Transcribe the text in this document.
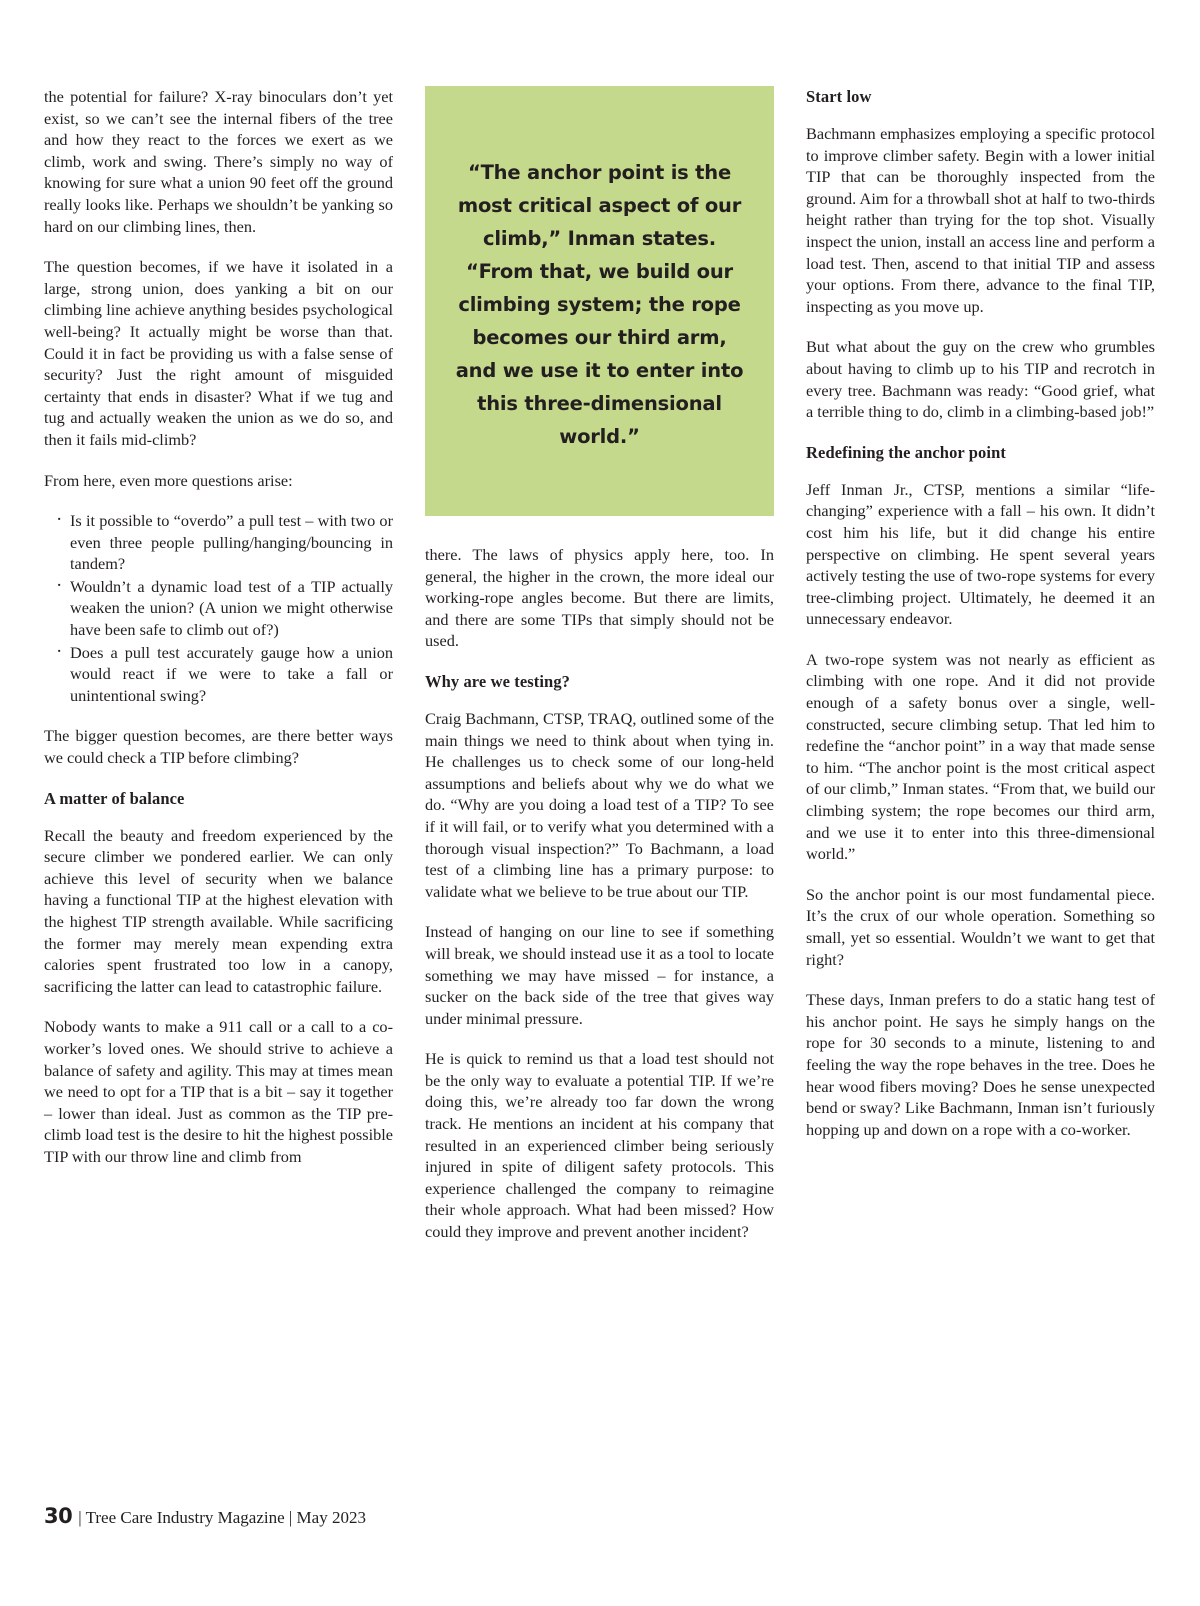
the potential for failure? X-ray binoculars don’t yet exist, so we can’t see the internal fibers of the tree and how they react to the forces we exert as we climb, work and swing. There’s simply no way of knowing for sure what a union 90 feet off the ground really looks like. Perhaps we shouldn’t be yanking so hard on our climbing lines, then.

The question becomes, if we have it isolated in a large, strong union, does yanking a bit on our climbing line achieve anything besides psychological well-being? It actually might be worse than that. Could it in fact be providing us with a false sense of security? Just the right amount of misguided certainty that ends in disaster? What if we tug and tug and actually weaken the union as we do so, and then it fails mid-climb?

From here, even more questions arise:

· Is it possible to “overdo” a pull test – with two or even three people pulling/hanging/bouncing in tandem?
· Wouldn’t a dynamic load test of a TIP actually weaken the union? (A union we might otherwise have been safe to climb out of?)
· Does a pull test accurately gauge how a union would react if we were to take a fall or unintentional swing?

The bigger question becomes, are there better ways we could check a TIP before climbing?

A matter of balance

Recall the beauty and freedom experienced by the secure climber we pondered earlier. We can only achieve this level of security when we balance having a functional TIP at the highest elevation with the highest TIP strength available. While sacrificing the former may merely mean expending extra calories spent frustrated too low in a canopy, sacrificing the latter can lead to catastrophic failure.

Nobody wants to make a 911 call or a call to a co-worker’s loved ones. We should strive to achieve a balance of safety and agility. This may at times mean we need to opt for a TIP that is a bit – say it together – lower than ideal. Just as common as the TIP pre-climb load test is the desire to hit the highest possible TIP with our throw line and climb from

“The anchor point is the most critical aspect of our climb,” Inman states. “From that, we build our climbing system; the rope becomes our third arm, and we use it to enter into this three-dimensional world.”

there. The laws of physics apply here, too. In general, the higher in the crown, the more ideal our working-rope angles become. But there are limits, and there are some TIPs that simply should not be used.

Why are we testing?

Craig Bachmann, CTSP, TRAQ, outlined some of the main things we need to think about when tying in. He challenges us to check some of our long-held assumptions and beliefs about why we do what we do. “Why are you doing a load test of a TIP? To see if it will fail, or to verify what you determined with a thorough visual inspection?” To Bachmann, a load test of a climbing line has a primary purpose: to validate what we believe to be true about our TIP.

Instead of hanging on our line to see if something will break, we should instead use it as a tool to locate something we may have missed – for instance, a sucker on the back side of the tree that gives way under minimal pressure.

He is quick to remind us that a load test should not be the only way to evaluate a potential TIP. If we’re doing this, we’re already too far down the wrong track. He mentions an incident at his company that resulted in an experienced climber being seriously injured in spite of diligent safety protocols. This experience challenged the company to reimagine their whole approach. What had been missed? How could they improve and prevent another incident?

Start low

Bachmann emphasizes employing a specific protocol to improve climber safety. Begin with a lower initial TIP that can be thoroughly inspected from the ground. Aim for a throwball shot at half to two-thirds height rather than trying for the top shot. Visually inspect the union, install an access line and perform a load test. Then, ascend to that initial TIP and assess your options. From there, advance to the final TIP, inspecting as you move up.

But what about the guy on the crew who grumbles about having to climb up to his TIP and recrotch in every tree. Bachmann was ready: “Good grief, what a terrible thing to do, climb in a climbing-based job!”

Redefining the anchor point

Jeff Inman Jr., CTSP, mentions a similar “life-changing” experience with a fall – his own. It didn’t cost him his life, but it did change his entire perspective on climbing. He spent several years actively testing the use of two-rope systems for every tree-climbing project. Ultimately, he deemed it an unnecessary endeavor.

A two-rope system was not nearly as efficient as climbing with one rope. And it did not provide enough of a safety bonus over a single, well-constructed, secure climbing setup. That led him to redefine the “anchor point” in a way that made sense to him. “The anchor point is the most critical aspect of our climb,” Inman states. “From that, we build our climbing system; the rope becomes our third arm, and we use it to enter into this three-dimensional world.”

So the anchor point is our most fundamental piece. It’s the crux of our whole operation. Something so small, yet so essential. Wouldn’t we want to get that right?

These days, Inman prefers to do a static hang test of his anchor point. He says he simply hangs on the rope for 30 seconds to a minute, listening to and feeling the way the rope behaves in the tree. Does he hear wood fibers moving? Does he sense unexpected bend or sway? Like Bachmann, Inman isn’t furiously hopping up and down on a rope with a co-worker.

30 | Tree Care Industry Magazine | May 2023
